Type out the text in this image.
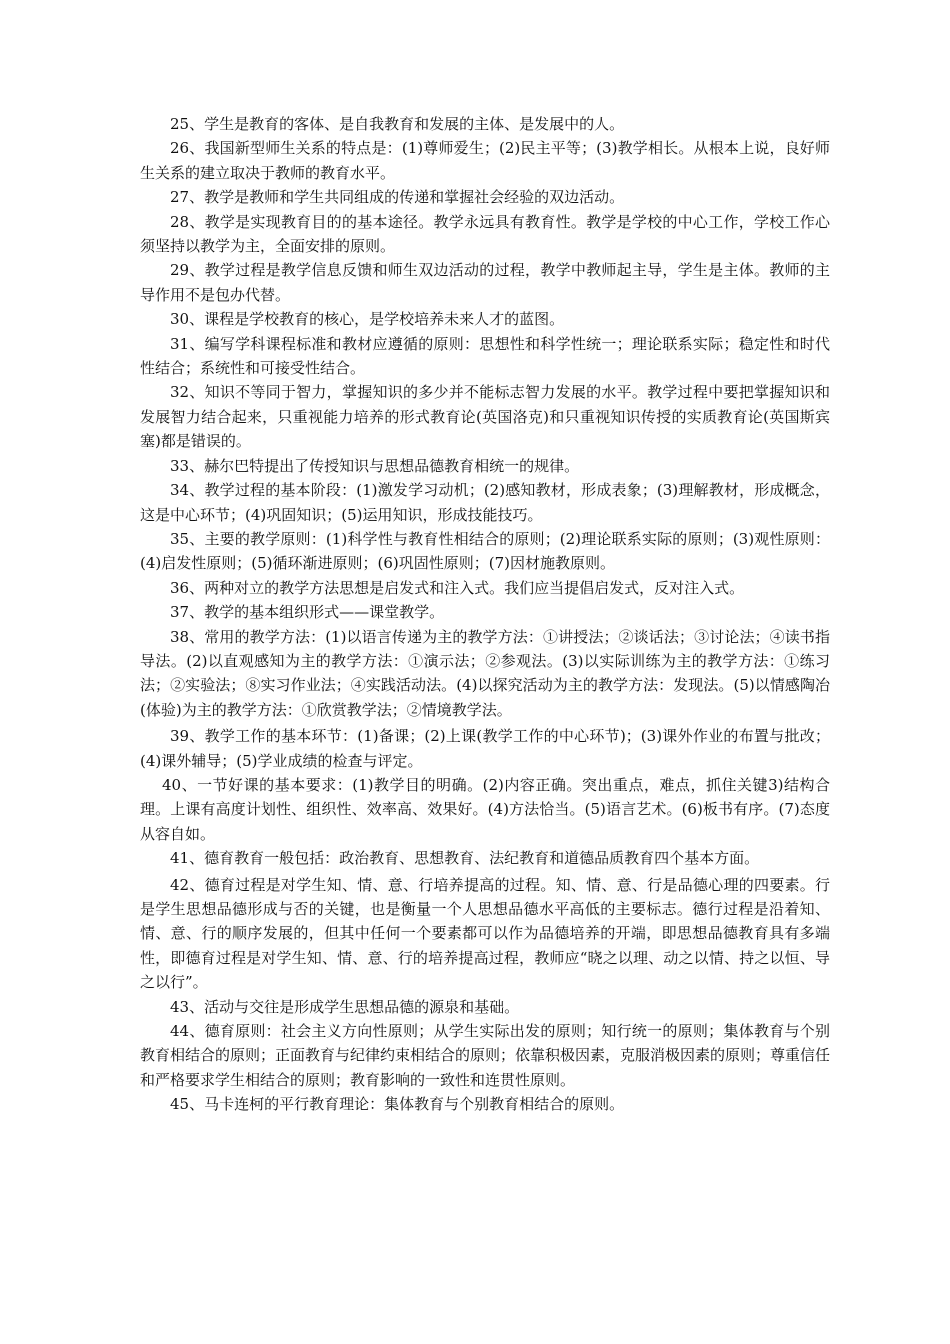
25、学生是教育的客体、是自我教育和发展的主体、是发展中的人。

26、我国新型师生关系的特点是：(1)尊师爱生；(2)民主平等；(3)教学相长。从根本上说，良好师生关系的建立取决于教师的教育水平。

27、教学是教师和学生共同组成的传递和掌握社会经验的双边活动。

28、教学是实现教育目的的基本途径。教学永远具有教育性。教学是学校的中心工作，学校工作心须坚持以教学为主，全面安排的原则。

29、教学过程是教学信息反馈和师生双边活动的过程，教学中教师起主导，学生是主体。教师的主导作用不是包办代替。

30、课程是学校教育的核心，是学校培养未来人才的蓝图。

31、编写学科课程标准和教材应遵循的原则：思想性和科学性统一；理论联系实际；稳定性和时代性结合；系统性和可接受性结合。

32、知识不等同于智力，掌握知识的多少并不能标志智力发展的水平。教学过程中要把掌握知识和发展智力结合起来，只重视能力培养的形式教育论(英国洛克)和只重视知识传授的实质教育论(英国斯宾塞)都是错误的。

33、赫尔巴特提出了传授知识与思想品德教育相统一的规律。

34、教学过程的基本阶段：(1)激发学习动机；(2)感知教材，形成表象；(3)理解教材，形成概念，这是中心环节；(4)巩固知识；(5)运用知识，形成技能技巧。

35、主要的教学原则：(1)科学性与教育性相结合的原则；(2)理论联系实际的原则；(3)观性原则：(4)启发性原则；(5)循环渐进原则；(6)巩固性原则；(7)因材施教原则。

36、两种对立的教学方法思想是启发式和注入式。我们应当提倡启发式，反对注入式。

37、教学的基本组织形式——课堂教学。

38、常用的教学方法：(1)以语言传递为主的教学方法：①讲授法；②谈话法；③讨论法；④读书指导法。(2)以直观感知为主的教学方法：①演示法；②参观法。(3)以实际训练为主的教学方法：①练习法；②实验法；⑧实习作业法；④实践活动法。(4)以探究活动为主的教学方法：发现法。(5)以情感陶冶(体验)为主的教学方法：①欣赏教学法；②情境教学法。

39、教学工作的基本环节：(1)备课；(2)上课(教学工作的中心环节)；(3)课外作业的布置与批改；(4)课外辅导；(5)学业成绩的检查与评定。

40、一节好课的基本要求：(1)教学目的明确。(2)内容正确。突出重点，难点，抓住关键3)结构合理。上课有高度计划性、组织性、效率高、效果好。(4)方法恰当。(5)语言艺术。(6)板书有序。(7)态度从容自如。

41、德育教育一般包括：政治教育、思想教育、法纪教育和道德品质教育四个基本方面。

42、德育过程是对学生知、情、意、行培养提高的过程。知、情、意、行是品德心理的四要素。行是学生思想品德形成与否的关键，也是衡量一个人思想品德水平高低的主要标志。德行过程是沿着知、情、意、行的顺序发展的，但其中任何一个要素都可以作为品德培养的开端，即思想品德教育具有多端性，即德育过程是对学生知、情、意、行的培养提高过程，教师应“晓之以理、动之以情、持之以恒、导之以行”。

43、活动与交往是形成学生思想品德的源泉和基础。

44、德育原则：社会主义方向性原则；从学生实际出发的原则；知行统一的原则；集体教育与个别教育相结合的原则；正面教育与纪律约束相结合的原则；依靠积极因素，克服消极因素的原则；尊重信任和严格要求学生相结合的原则；教育影响的一致性和连贯性原则。

45、马卡连柯的平行教育理论：集体教育与个别教育相结合的原则。
